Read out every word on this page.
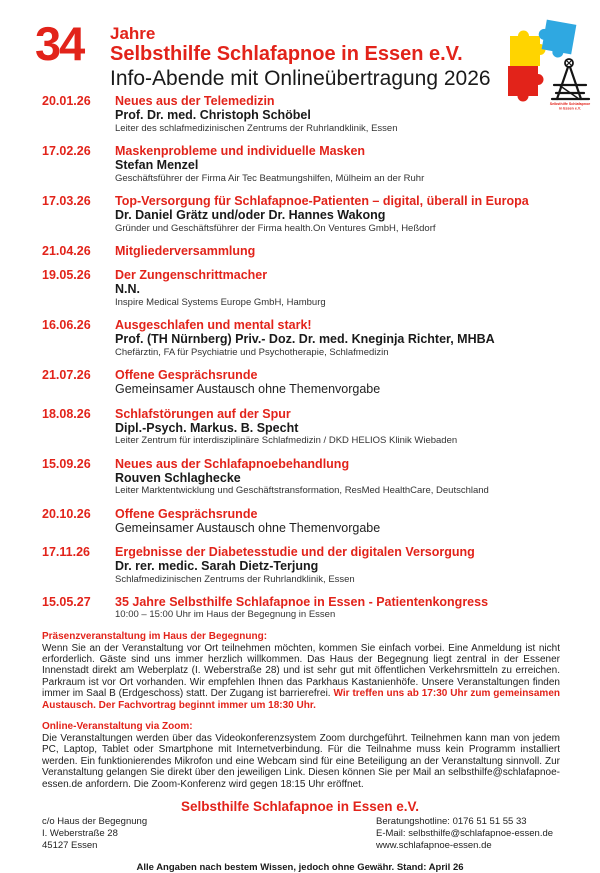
34 Jahre
Selbsthilfe Schlafapnoe in Essen e.V.
Info-Abende mit Onlineübertragung 2026
Selbsthilfe Schlafapnoe
in Essen e.V.
20.01.26	Neues aus der Telemedizin
Prof. Dr. med. Christoph Schöbel
Leiter des schlafmedizinischen Zentrums der Ruhrlandklinik, Essen
17.02.26	Maskenprobleme und individuelle Masken
Stefan Menzel
Geschäftsführer der Firma Air Tec Beatmungshilfen, Mülheim an der Ruhr
17.03.26	Top-Versorgung für Schlafapnoe-Patienten – digital, überall in Europa
Dr. Daniel Grätz und/oder Dr. Hannes Wakong
Gründer und Geschäftsführer der Firma health.On Ventures GmbH, Heßdorf
21.04.26	Mitgliederversammlung
19.05.26	Der Zungenschrittmacher
N.N.
Inspire Medical Systems Europe GmbH, Hamburg
16.06.26	Ausgeschlafen und mental stark!
Prof. (TH Nürnberg) Priv.- Doz. Dr. med. Kneginja Richter, MHBA
Chefärztin, FA für Psychiatrie und Psychotherapie, Schlafmedizin
21.07.26	Offene Gesprächsrunde
Gemeinsamer Austausch ohne Themenvorgabe
18.08.26	Schlafstörungen auf der Spur
Dipl.-Psych. Markus. B. Specht
Leiter Zentrum für interdisziplinäre Schlafmedizin / DKD HELIOS Klinik Wiebaden
15.09.26	Neues aus der Schlafapnoebehandlung
Rouven Schlaghecke
Leiter Marktentwicklung und Geschäftstransformation, ResMed HealthCare, Deutschland
20.10.26	Offene Gesprächsrunde
Gemeinsamer Austausch ohne Themenvorgabe
17.11.26	Ergebnisse der Diabetesstudie und der digitalen Versorgung
Dr. rer. medic. Sarah Dietz-Terjung
Schlafmedizinischen Zentrums der Ruhrlandklinik, Essen
15.05.27	35 Jahre Selbsthilfe Schlafapnoe in Essen - Patientenkongress
10:00 – 15:00 Uhr im Haus der Begegnung in Essen
Präsenzveranstaltung im Haus der Begegnung:

Wenn Sie an der Veranstaltung vor Ort teilnehmen möchten, kommen Sie einfach vorbei. Eine Anmeldung ist nicht erforderlich. Gäste sind uns immer herzlich willkommen. Das Haus der Begegnung liegt zentral in der Essener Innenstadt direkt am Weberplatz (I. Weberstraße 28) und ist sehr gut mit öffentlichen Verkehrsmitteln zu erreichen. Parkraum ist vor Ort vorhanden. Wir empfehlen Ihnen das Parkhaus Kastanienhöfe. Unsere Veranstaltungen finden immer im Saal B (Erdgeschoss) statt. Der Zugang ist barrierefrei. Wir treffen uns ab 17:30 Uhr zum gemeinsamen Austausch. Der Fachvortrag beginnt immer um 18:30 Uhr.

Online-Veranstaltung via Zoom:

Die Veranstaltungen werden über das Videokonferenzsystem Zoom durchgeführt. Teilnehmen kann man von jedem PC, Laptop, Tablet oder Smartphone mit Internetverbindung. Für die Teilnahme muss kein Programm installiert werden. Ein funktionierendes Mikrofon und eine Webcam sind für eine Beteiligung an der Veranstaltung sinnvoll. Zur Veranstaltung gelangen Sie direkt über den jeweiligen Link. Diesen können Sie per Mail an selbsthilfe@schlafapnoe-essen.de anfordern. Die Zoom-Konferenz wird gegen 18:15 Uhr eröffnet.

Selbsthilfe Schlafapnoe in Essen e.V.
c/o Haus der Begegnung
I. Weberstraße 28
45127 Essen
Beratungshotline: 0176 51 51 55 33
E-Mail: selbsthilfe@schlafapnoe-essen.de
www.schlafapnoe-essen.de
Alle Angaben nach bestem Wissen, jedoch ohne Gewähr. Stand: April 26
